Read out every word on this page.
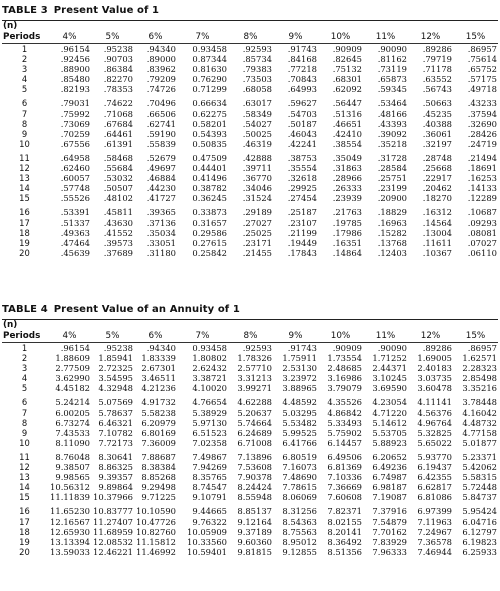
TABLE 3 Present Value of 1
(n)										
Periods	4%	5%	6%	7%	8%	9%	10%	11%	12%	15%
1	.96154	.95238	.94340	0.93458	.92593	.91743	.90909	.90090	.89286	.86957
2	.92456	.90703	.89000	0.87344	.85734	.84168	.82645	.81162	.79719	.75614
3	.88900	.86384	.83962	0.81630	.79383	.77218	.75132	.73119	.71178	.65752
4	.85480	.82270	.79209	0.76290	.73503	.70843	.68301	.65873	.63552	.57175
5	.82193	.78353	.74726	0.71299	.68058	.64993	.62092	.59345	.56743	.49718
6	.79031	.74622	.70496	0.66634	.63017	.59627	.56447	.53464	.50663	.43233
7	.75992	.71068	.66506	0.62275	.58349	.54703	.51316	.48166	.45235	.37594
8	.73069	.67684	.62741	0.58201	.54027	.50187	.46651	.43393	.40388	.32690
9	.70259	.64461	.59190	0.54393	.50025	.46043	.42410	.39092	.36061	.28426
10	.67556	.61391	.55839	0.50835	.46319	.42241	.38554	.35218	.32197	.24719
11	.64958	.58468	.52679	0.47509	.42888	.38753	.35049	.31728	.28748	.21494
12	.62460	.55684	.49697	0.44401	.39711	.35554	.31863	.28584	.25668	.18691
13	.60057	.53032	.46884	0.41496	.36770	.32618	.28966	.25751	.22917	.16253
14	.57748	.50507	.44230	0.38782	.34046	.29925	.26333	.23199	.20462	.14133
15	.55526	.48102	.41727	0.36245	.31524	.27454	.23939	.20900	.18270	.12289
16	.53391	.45811	.39365	0.33873	.29189	.25187	.21763	.18829	.16312	.10687
17	.51337	.43630	.37136	0.31657	.27027	.23107	.19785	.16963	.14564	.09293
18	.49363	.41552	.35034	0.29586	.25025	.21199	.17986	.15282	.13004	.08081
19	.47464	.39573	.33051	0.27615	.23171	.19449	.16351	.13768	.11611	.07027
20	.45639	.37689	.31180	0.25842	.21455	.17843	.14864	.12403	.10367	.06110
TABLE 4 Present Value of an Annuity of 1
(n)										
Periods	4%	5%	6%	7%	8%	9%	10%	11%	12%	15%
1	.96154	.95238	.94340	0.93458	.92593	.91743	.90909	.90090	.89286	.86957
2	1.88609	1.85941	1.83339	1.80802	1.78326	1.75911	1.73554	1.71252	1.69005	1.62571
3	2.77509	2.72325	2.67301	2.62432	2.57710	2.53130	2.48685	2.44371	2.40183	2.28323
4	3.62990	3.54595	3.46511	3.38721	3.31213	3.23972	3.16986	3.10245	3.03735	2.85498
5	4.45182	4.32948	4.21236	4.10020	3.99271	3.88965	3.79079	3.69590	3.60478	3.35216
6	5.24214	5.07569	4.91732	4.76654	4.62288	4.48592	4.35526	4.23054	4.11141	3.78448
7	6.00205	5.78637	5.58238	5.38929	5.20637	5.03295	4.86842	4.71220	4.56376	4.16042
8	6.73274	6.46321	6.20979	5.97130	5.74664	5.53482	5.33493	5.14612	4.96764	4.48732
9	7.43533	7.10782	6.80169	6.51523	6.24689	5.99525	5.75902	5.53705	5.32825	4.77158
10	8.11090	7.72173	7.36009	7.02358	6.71008	6.41766	6.14457	5.88923	5.65022	5.01877
11	8.76048	8.30641	7.88687	7.49867	7.13896	6.80519	6.49506	6.20652	5.93770	5.23371
12	9.38507	8.86325	8.38384	7.94269	7.53608	7.16073	6.81369	6.49236	6.19437	5.42062
13	9.98565	9.39357	8.85268	8.35765	7.90378	7.48690	7.10336	6.74987	6.42355	5.58315
14	10.56312	9.89864	9.29498	8.74547	8.24424	7.78615	7.36669	6.98187	6.62817	5.72448
15	11.11839	10.37966	9.71225	9.10791	8.55948	8.06069	7.60608	7.19087	6.81086	5.84737
16	11.65230	10.83777	10.10590	9.44665	8.85137	8.31256	7.82371	7.37916	6.97399	5.95424
17	12.16567	11.27407	10.47726	9.76322	9.12164	8.54363	8.02155	7.54879	7.11963	6.04716
18	12.65930	11.68959	10.82760	10.05909	9.37189	8.75563	8.20141	7.70162	7.24967	6.12797
19	13.13394	12.08532	11.15812	10.33560	9.60360	8.95012	8.36492	7.83929	7.36578	6.19823
20	13.59033	12.46221	11.46992	10.59401	9.81815	9.12855	8.51356	7.96333	7.46944	6.25933
